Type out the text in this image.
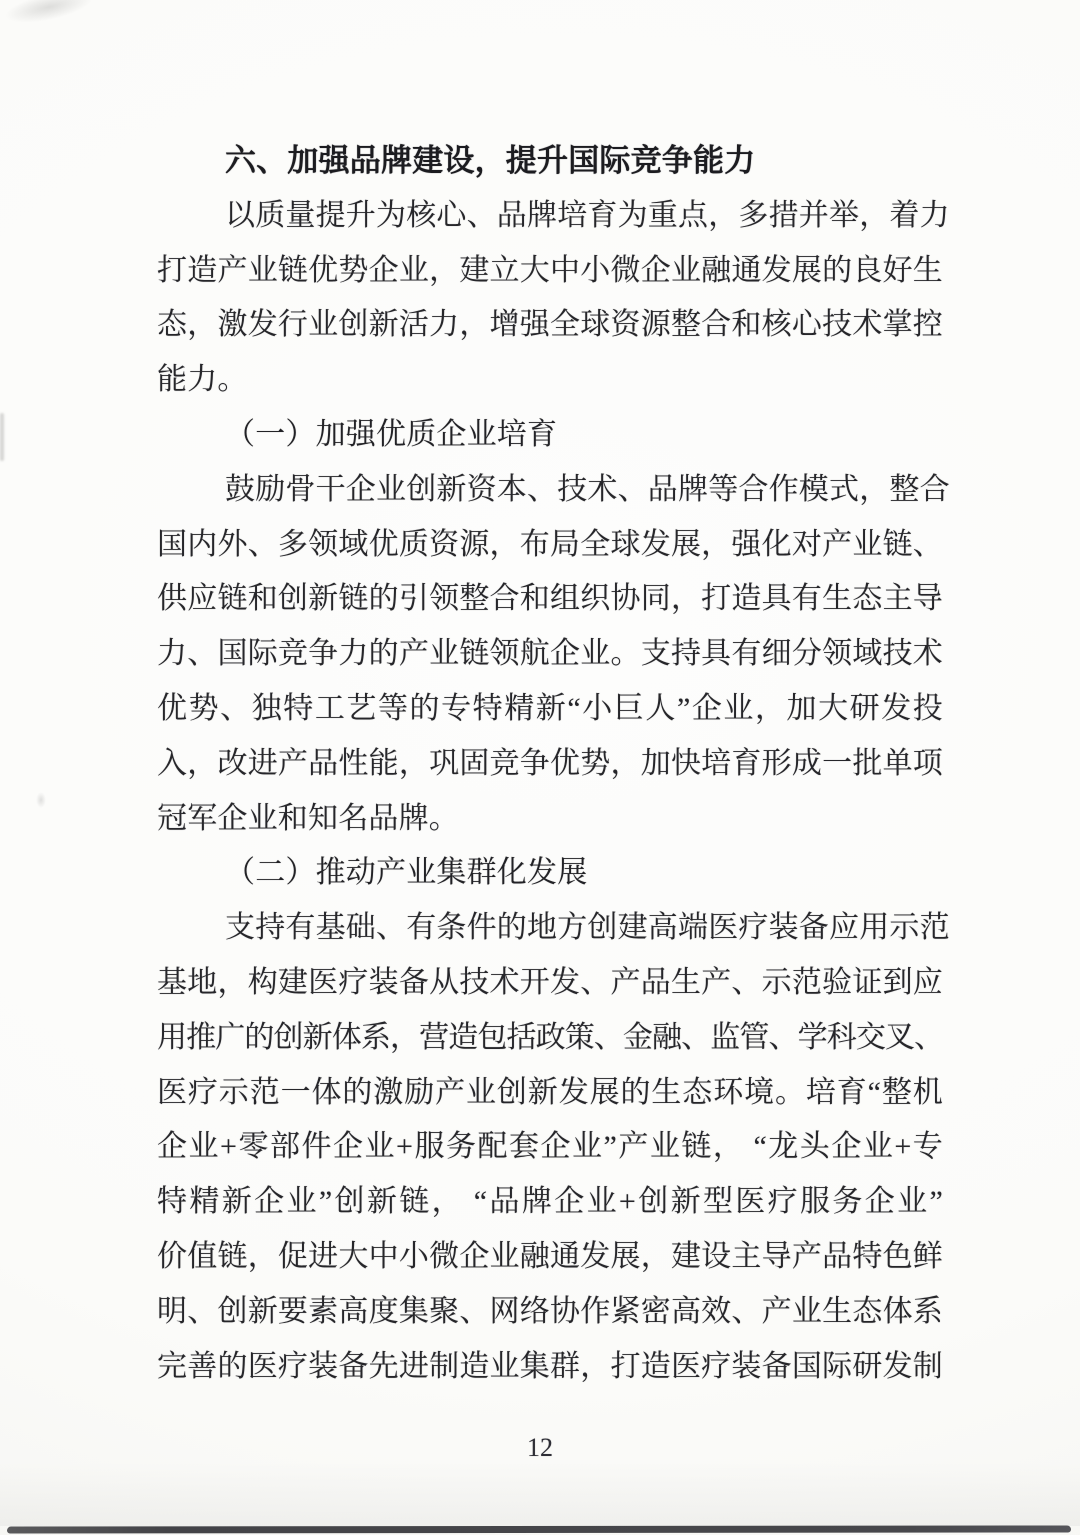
六、加强品牌建设，提升国际竞争能力
以质量提升为核心、品牌培育为重点，多措并举，着力
打造产业链优势企业，建立大中小微企业融通发展的良好生
态，激发行业创新活力，增强全球资源整合和核心技术掌控
能力。
（一）加强优质企业培育
鼓励骨干企业创新资本、技术、品牌等合作模式，整合
国内外、多领域优质资源，布局全球发展，强化对产业链、
供应链和创新链的引领整合和组织协同，打造具有生态主导
力、国际竞争力的产业链领航企业。支持具有细分领域技术
优势、独特工艺等的专特精新“小巨人”企业，加大研发投
入，改进产品性能，巩固竞争优势，加快培育形成一批单项
冠军企业和知名品牌。
（二）推动产业集群化发展
支持有基础、有条件的地方创建高端医疗装备应用示范
基地，构建医疗装备从技术开发、产品生产、示范验证到应
用推广的创新体系，营造包括政策、金融、监管、学科交叉、
医疗示范一体的激励产业创新发展的生态环境。培育“整机
企业+零部件企业+服务配套企业”产业链， “龙头企业+专
特精新企业”创新链， “品牌企业+创新型医疗服务企业”
价值链，促进大中小微企业融通发展，建设主导产品特色鲜
明、创新要素高度集聚、网络协作紧密高效、产业生态体系
完善的医疗装备先进制造业集群，打造医疗装备国际研发制
12
